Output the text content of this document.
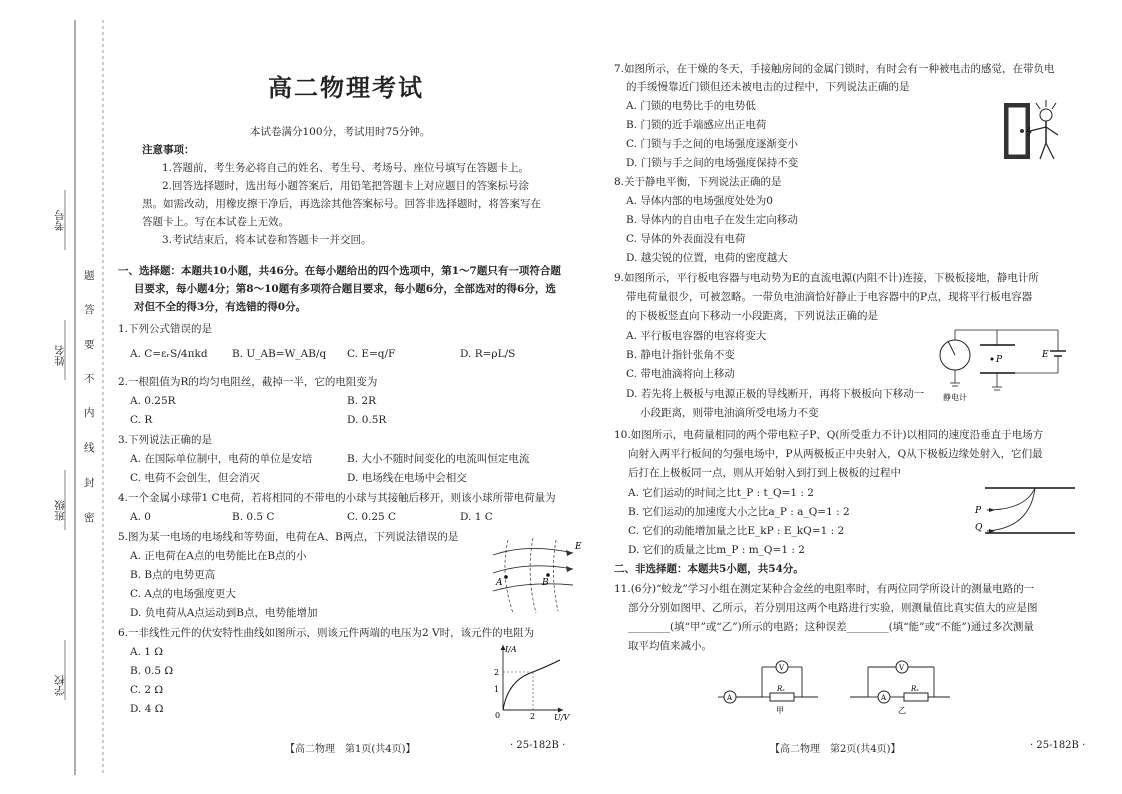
学校
班级
姓名
考号
题
答
要
不
内
线
封
密
高二物理考试
本试卷满分100分，考试用时75分钟。
注意事项：
1.答题前，考生务必将自己的姓名、考生号、考场号、座位号填写在答题卡上。
2.回答选择题时，选出每小题答案后，用铅笔把答题卡上对应题目的答案标号涂
黑。如需改动，用橡皮擦干净后，再选涂其他答案标号。回答非选择题时，将答案写在
答题卡上。写在本试卷上无效。
3.考试结束后，将本试卷和答题卡一并交回。
一、选择题：本题共10小题，共46分。在每小题给出的四个选项中，第1～7题只有一项符合题
目要求，每小题4分；第8～10题有多项符合题目要求，每小题6分，全部选对的得6分，选
对但不全的得3分，有选错的得0分。
1.下列公式错误的是
A. C=εᵣS/4πkd B. U_AB=W_AB/q C. E=q/F	D. R=ρL/S
2.一根阻值为R的均匀电阻丝，截掉一半，它的电阻变为
A. 0.25R	B. 2R
C. R	D. 0.5R
3.下列说法正确的是
A. 在国际单位制中，电荷的单位是安培	B. 大小不随时间变化的电流叫恒定电流
C. 电荷不会创生，但会消灭	D. 电场线在电场中会相交
4.一个金属小球带1 C电荷，若将相同的不带电的小球与其接触后移开，则该小球所带电荷量为
A. 0	B. 0.5 C	C. 0.25 C	D. 1 C
5.图为某一电场的电场线和等势面，电荷在A、B两点，下列说法错误的是
A. 正电荷在A点的电势能比在B点的小
B. B点的电势更高
C. A点的电场强度更大
D. 负电荷从A点运动到B点，电势能增加
E
A	B
6.一非线性元件的伏安特性曲线如图所示，则该元件两端的电压为2 V时，该元件的电阻为
A. 1 Ω
B. 0.5 Ω
C. 2 Ω
D. 4 Ω
I/A
U/V
2
1
0	2
【高二物理　第1页(共4页)】	· 25-182B ·
7.如图所示，在干燥的冬天，手接触房间的金属门锁时，有时会有一种被电击的感觉，在带负电
的手缓慢靠近门锁但还未被电击的过程中，下列说法正确的是
A. 门锁的电势比手的电势低
B. 门锁的近手端感应出正电荷
C. 门锁与手之间的电场强度逐渐变小
D. 门锁与手之间的电场强度保持不变
8.关于静电平衡，下列说法正确的是
A. 导体内部的电场强度处处为0
B. 导体内的自由电子在发生定向移动
C. 导体的外表面没有电荷
D. 越尖锐的位置，电荷的密度越大
9.如图所示，平行板电容器与电动势为E的直流电源(内阻不计)连接，下极板接地，静电计所
带电荷量很少，可被忽略。一带负电油滴恰好静止于电容器中的P点，现将平行板电容器
的下极板竖直向下移动一小段距离，下列说法正确的是
A. 平行板电容器的电容将变大
B. 静电计指针张角不变
C. 带电油滴将向上移动
D. 若先将上极板与电源正极的导线断开，再将下极板向下移动一
小段距离，则带电油滴所受电场力不变
P	E
静电计
10.如图所示，电荷量相同的两个带电粒子P、Q(所受重力不计)以相同的速度沿垂直于电场方
向射入两平行板间的匀强电场中，P从两极板正中央射入，Q从下极板边缘处射入，它们最
后打在上极板同一点，则从开始射入到打到上极板的过程中
A. 它们运动的时间之比t_P : t_Q=1 : 2
B. 它们运动的加速度大小之比a_P : a_Q=1 : 2
C. 它们的动能增加量之比E_kP : E_kQ=1 : 2
D. 它们的质量之比m_P : m_Q=1 : 2
P
Q
二、非选择题：本题共5小题，共54分。
11.(6分)“蛟龙”学习小组在测定某种合金丝的电阻率时，有两位同学所设计的测量电路的一
部分分别如图甲、乙所示，若分别用这两个电路进行实验，则测量值比真实值大的应是图
________(填“甲”或“乙”)所示的电路；这种误差________(填“能”或“不能”)通过多次测量
取平均值来减小。
V
A
Rₓ
甲
V
A
Rₓ
乙
【高二物理　第2页(共4页)】	· 25-182B ·
